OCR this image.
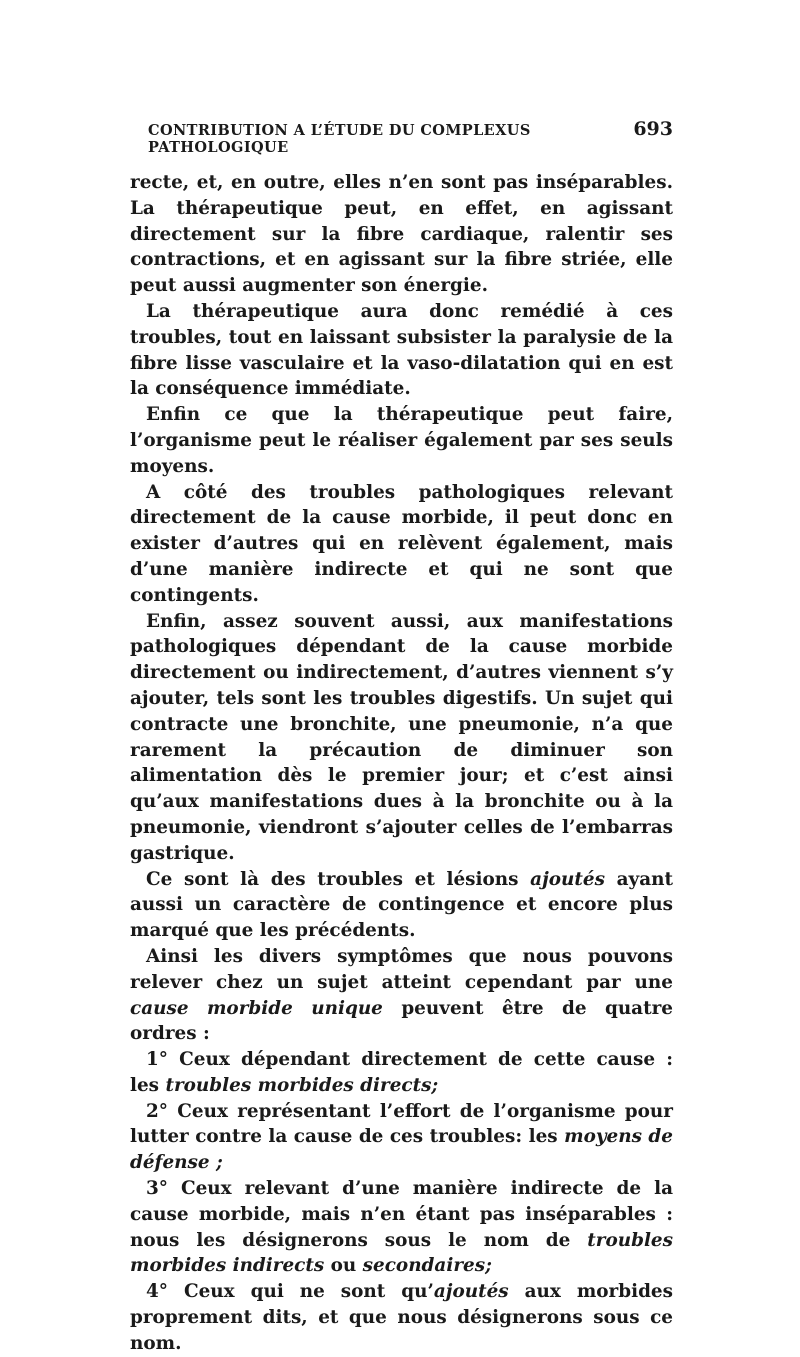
CONTRIBUTION A L’ÉTUDE DU COMPLEXUS PATHOLOGIQUE
693

recte, et, en outre, elles n’en sont pas inséparables. La thérapeutique peut, en effet, en agissant directement sur la fibre cardiaque, ralentir ses contractions, et en agissant sur la fibre striée, elle peut aussi augmenter son énergie.

La thérapeutique aura donc remédié à ces troubles, tout en laissant subsister la paralysie de la fibre lisse vasculaire et la vaso-dilatation qui en est la conséquence immédiate.

Enfin ce que la thérapeutique peut faire, l’organisme peut le réaliser également par ses seuls moyens.

A côté des troubles pathologiques relevant directement de la cause morbide, il peut donc en exister d’autres qui en relèvent également, mais d’une manière indirecte et qui ne sont que contingents.

Enfin, assez souvent aussi, aux manifestations pathologiques dépendant de la cause morbide directement ou indirectement, d’autres viennent s’y ajouter, tels sont les troubles digestifs. Un sujet qui contracte une bronchite, une pneumonie, n’a que rarement la précaution de diminuer son alimentation dès le premier jour; et c’est ainsi qu’aux manifestations dues à la bronchite ou à la pneumonie, viendront s’ajouter celles de l’embarras gastrique.

Ce sont là des troubles et lésions ajoutés ayant aussi un caractère de contingence et encore plus marqué que les précédents.

Ainsi les divers symptômes que nous pouvons relever chez un sujet atteint cependant par une cause morbide unique peuvent être de quatre ordres :

1° Ceux dépendant directement de cette cause : les troubles morbides directs;

2° Ceux représentant l’effort de l’organisme pour lutter contre la cause de ces troubles: les moyens de défense ;

3° Ceux relevant d’une manière indirecte de la cause morbide, mais n’en étant pas inséparables : nous les désignerons sous le nom de troubles morbides indirects ou secondaires;

4° Ceux qui ne sont qu’ajoutés aux morbides proprement dits, et que nous désignerons sous ce nom.
